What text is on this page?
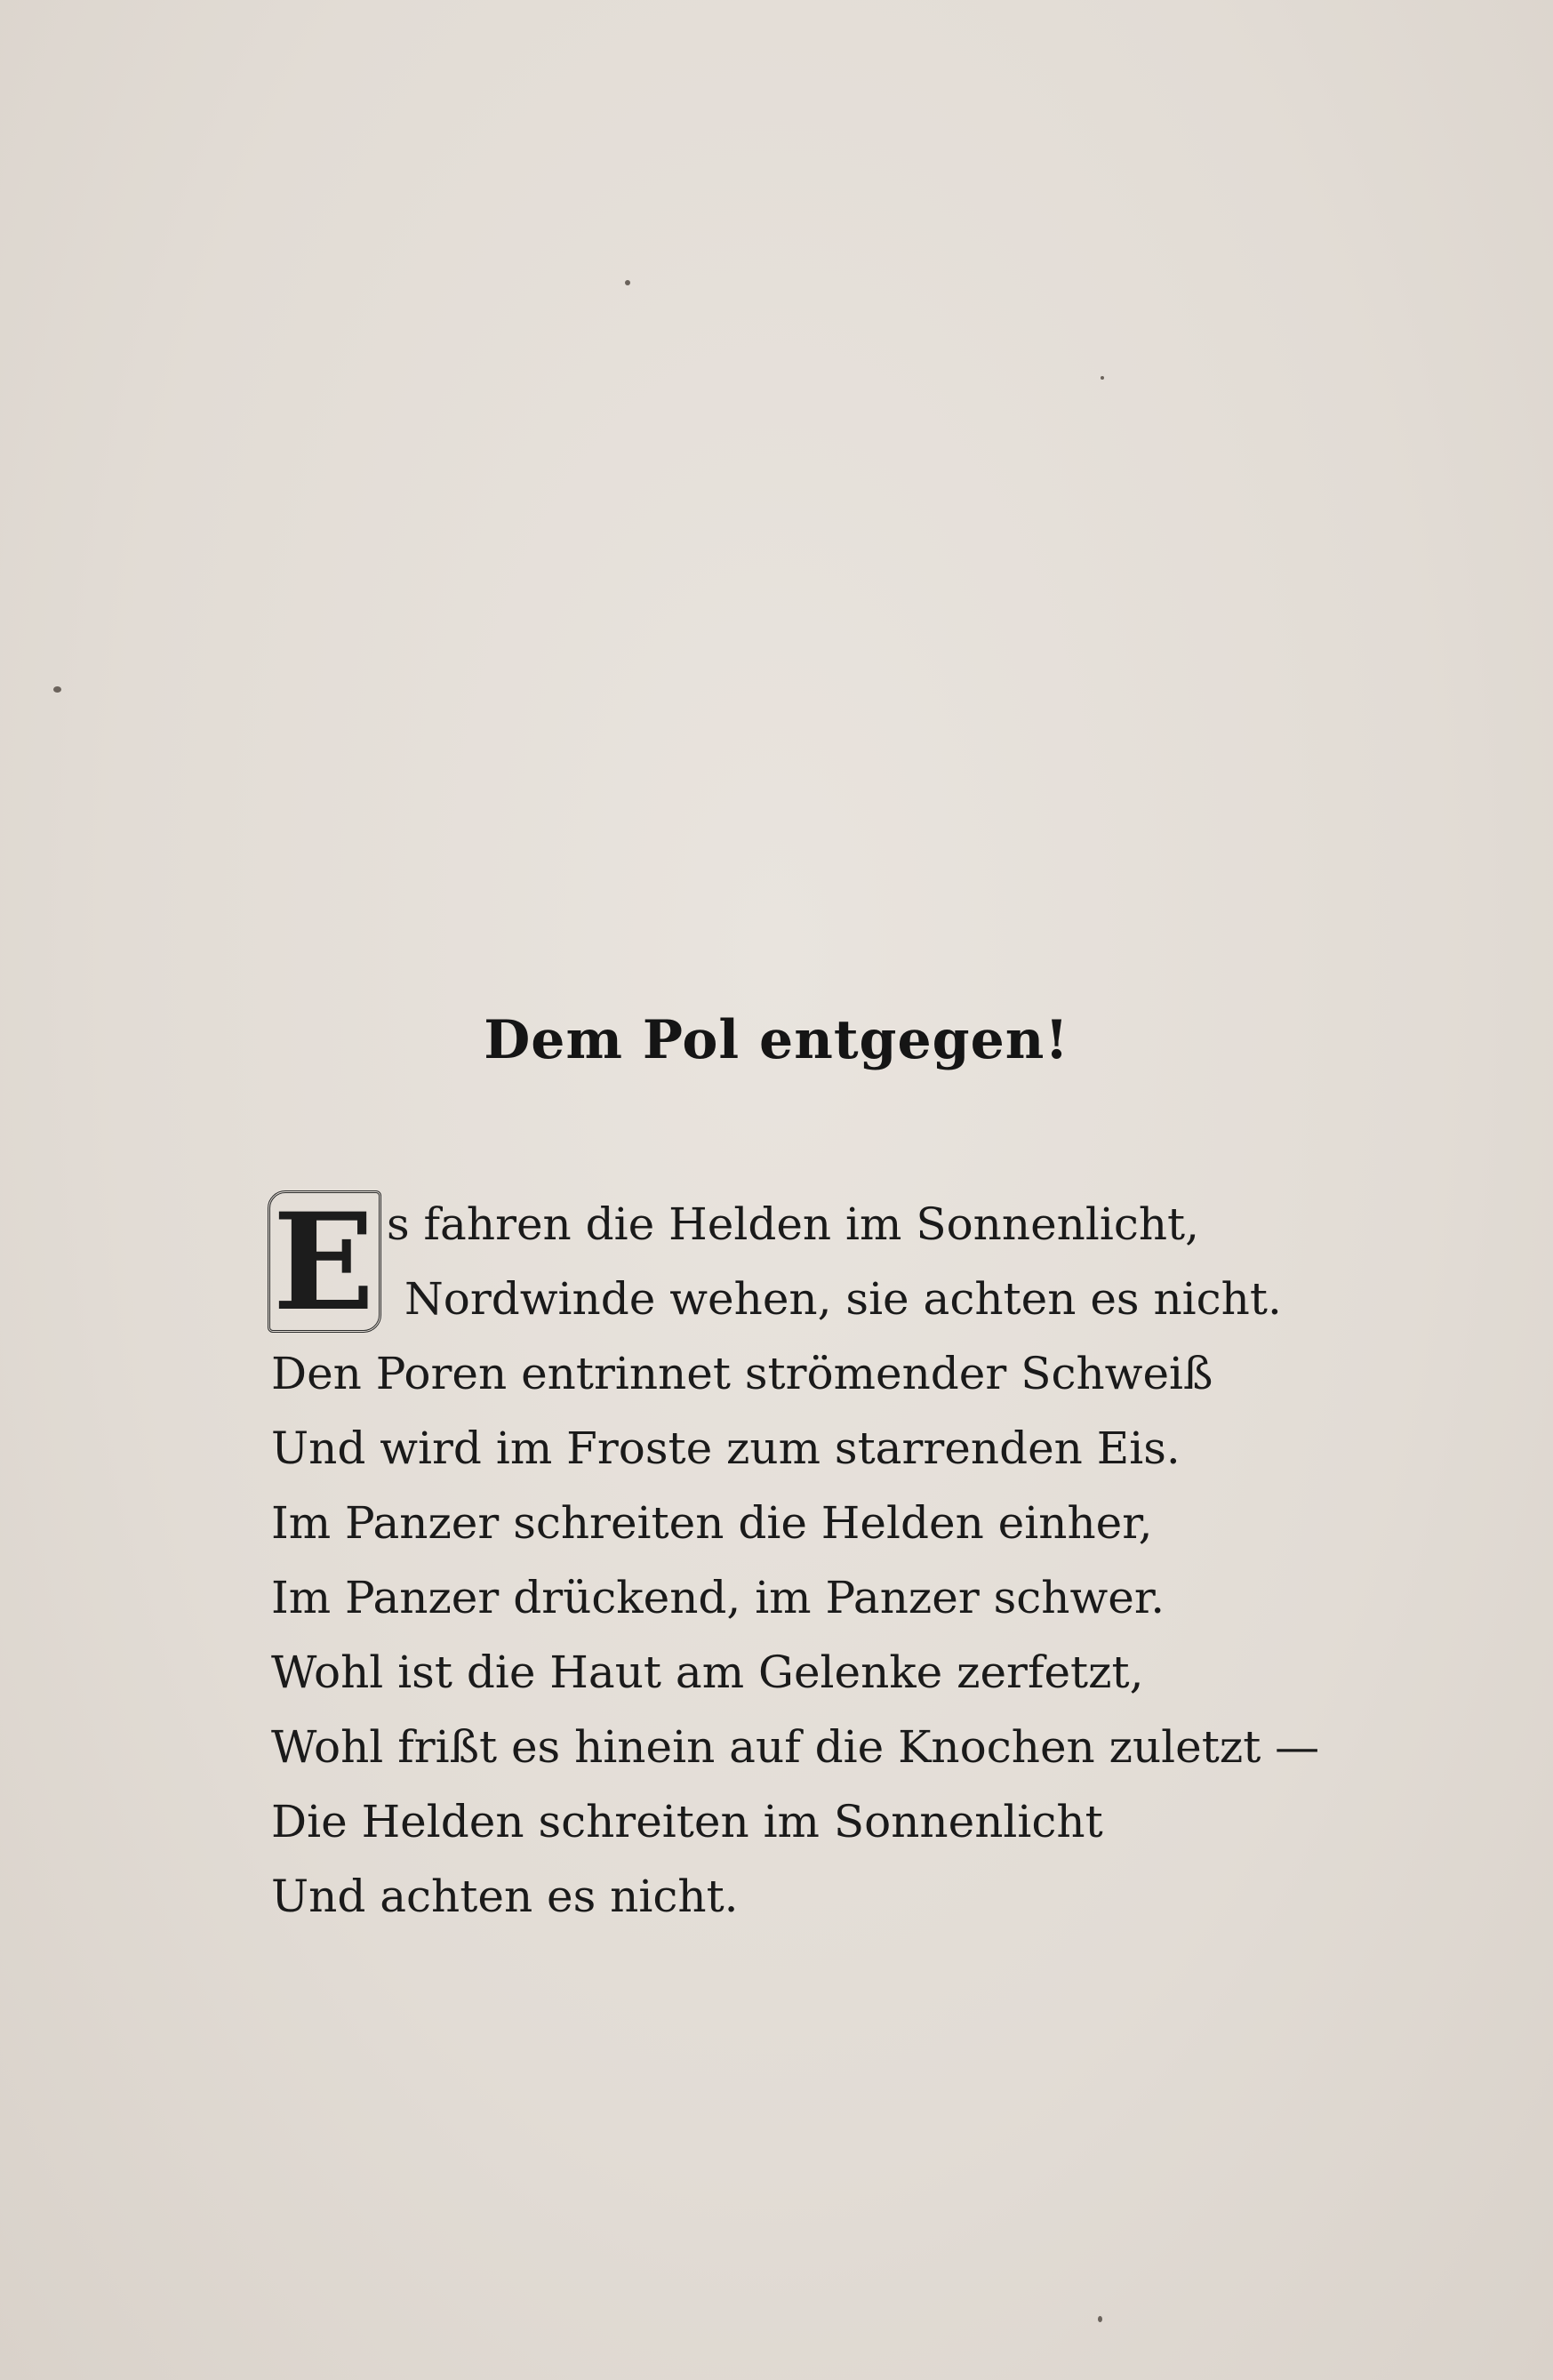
Dem Pol entgegen!
E s fahren die Helden im Sonnenlicht,
Nordwinde wehen, sie achten es nicht.
Den Poren entrinnet strömender Schweiß
Und wird im Froste zum starrenden Eis.
Im Panzer schreiten die Helden einher,
Im Panzer drückend, im Panzer schwer.
Wohl ist die Haut am Gelenke zerfetzt,
Wohl frißt es hinein auf die Knochen zuletzt —
Die Helden schreiten im Sonnenlicht
Und achten es nicht.
